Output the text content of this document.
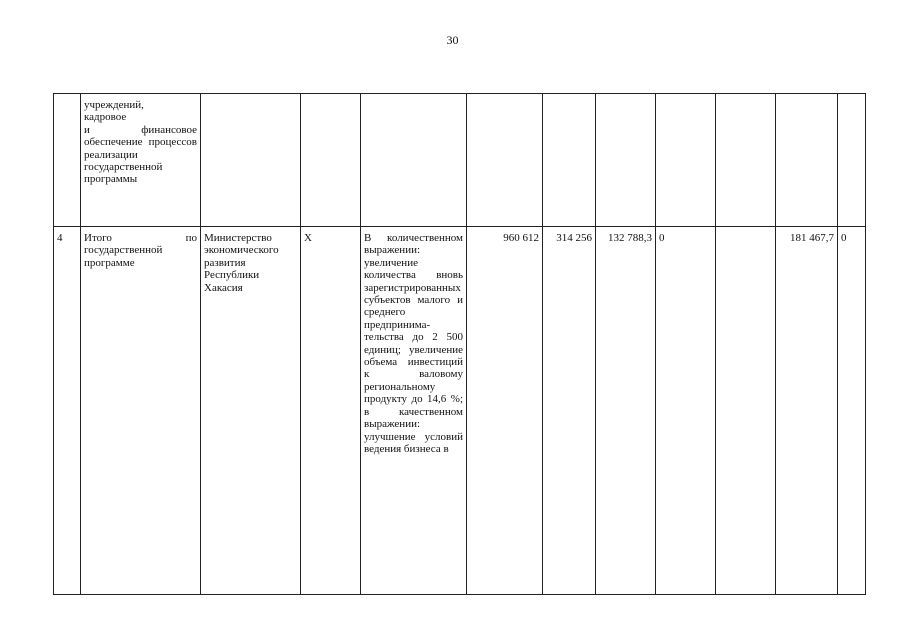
30
	учреждений,
кадровое
и финансовое обеспечение процессов реализации государственной программы										
4	Итого по государственной программе	Министерство экономического развития Республики Хакасия	Х	В количественном выражении: увеличение количества вновь зарегистрированных субъектов малого и среднего предпринима-тельства до 2 500 единиц; увеличение объема инвестиций к валовому региональному продукту до 14,6 %; в качественном выражении: улучшение условий ведения бизнеса в	960 612	314 256	132 788,3	0		181 467,7	0
